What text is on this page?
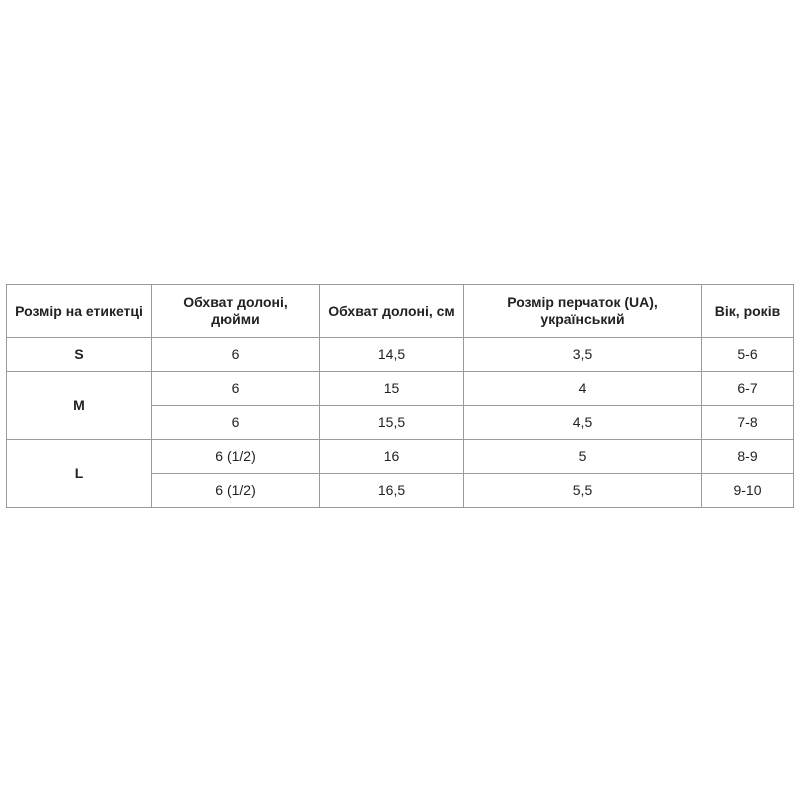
Розмір на етикетці	Обхват долоні, дюйми	Обхват долоні, см	Розмір перчаток (UA), український	Вік, років
S	6	14,5	3,5	5-6
M	6	15	4	6-7
	6	15,5	4,5	7-8
L	6 (1/2)	16	5	8-9
	6 (1/2)	16,5	5,5	9-10
